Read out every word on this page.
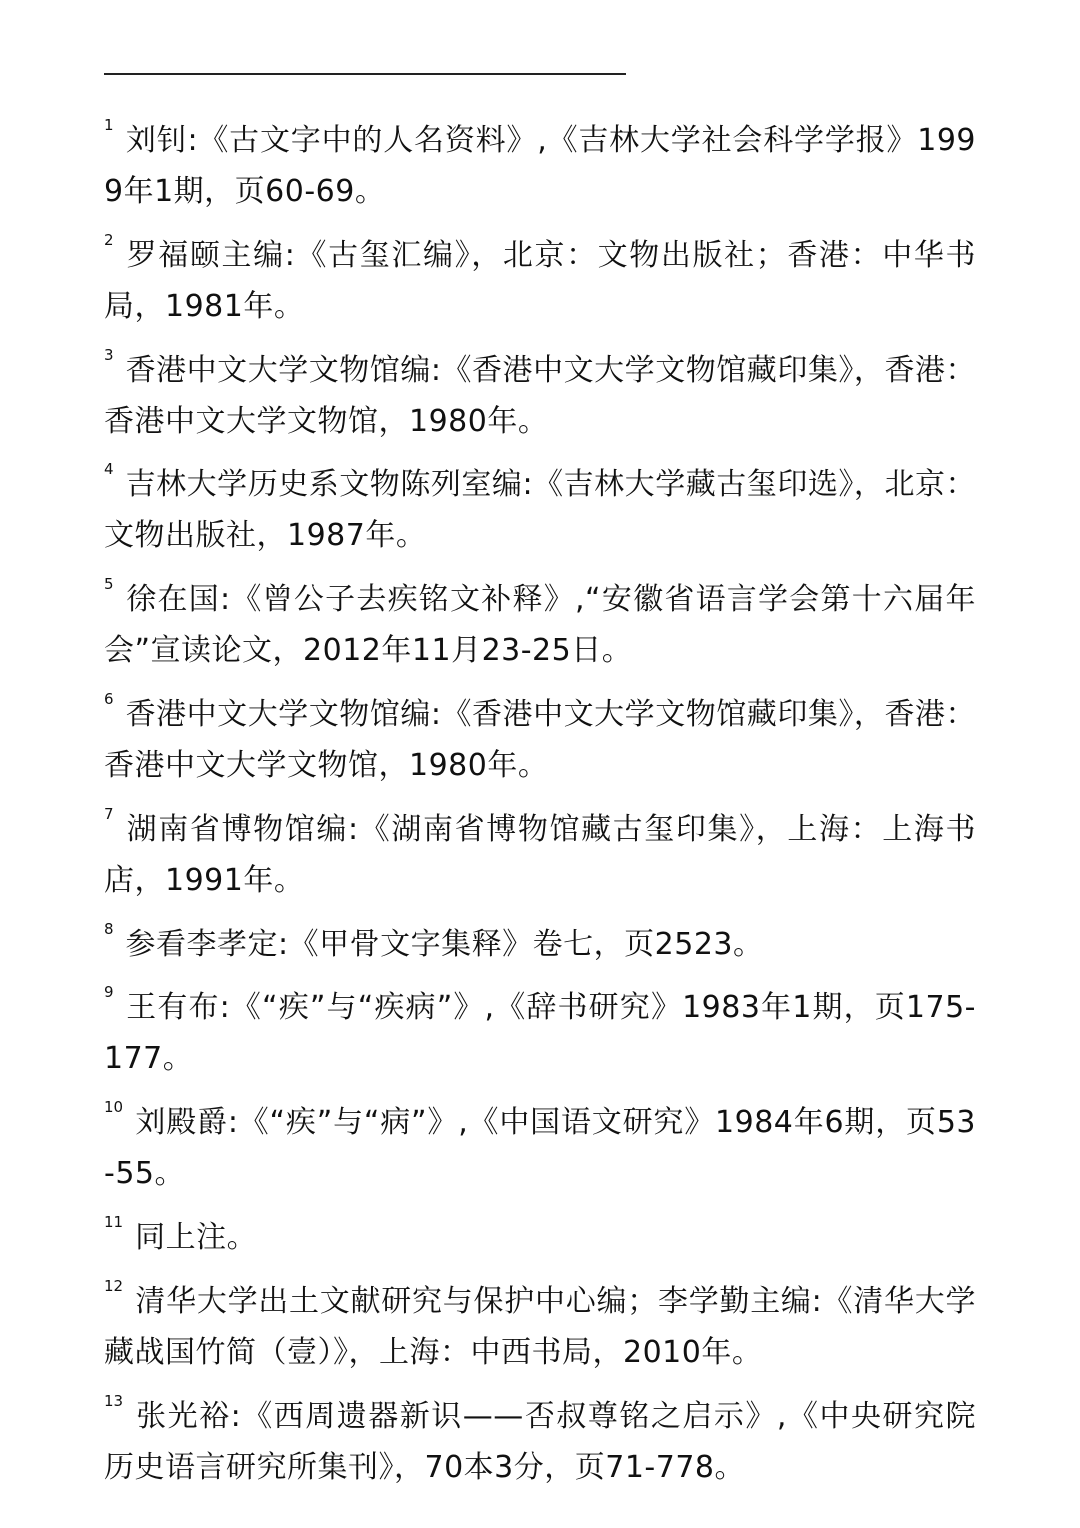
1 刘钊:《古文字中的人名资料》,《吉林大学社会科学学报》1999年1期，页60-69。
2 罗福颐主编:《古玺汇编》，北京：文物出版社；香港：中华书局，1981年。
3 香港中文大学文物馆编:《香港中文大学文物馆藏印集》，香港：香港中文大学文物馆，1980年。
4 吉林大学历史系文物陈列室编:《吉林大学藏古玺印选》，北京：文物出版社，1987年。
5 徐在国:《曾公子去疾铭文补释》,“安徽省语言学会第十六届年会”宣读论文，2012年11月23-25日。
6 香港中文大学文物馆编:《香港中文大学文物馆藏印集》，香港：香港中文大学文物馆，1980年。
7 湖南省博物馆编:《湖南省博物馆藏古玺印集》，上海：上海书店，1991年。
8 参看李孝定:《甲骨文字集释》卷七，页2523。
9 王有布:《“疾”与“疾病”》,《辞书研究》1983年1期，页175-177。
10 刘殿爵:《“疾”与“病”》,《中国语文研究》1984年6期，页53-55。
11 同上注。
12 清华大学出土文献研究与保护中心编；李学勤主编:《清华大学藏战国竹简（壹）》，上海：中西书局，2010年。
13 张光裕:《西周遗器新识——否叔尊铭之启示》,《中央研究院历史语言研究所集刊》，70本3分，页71-778。
